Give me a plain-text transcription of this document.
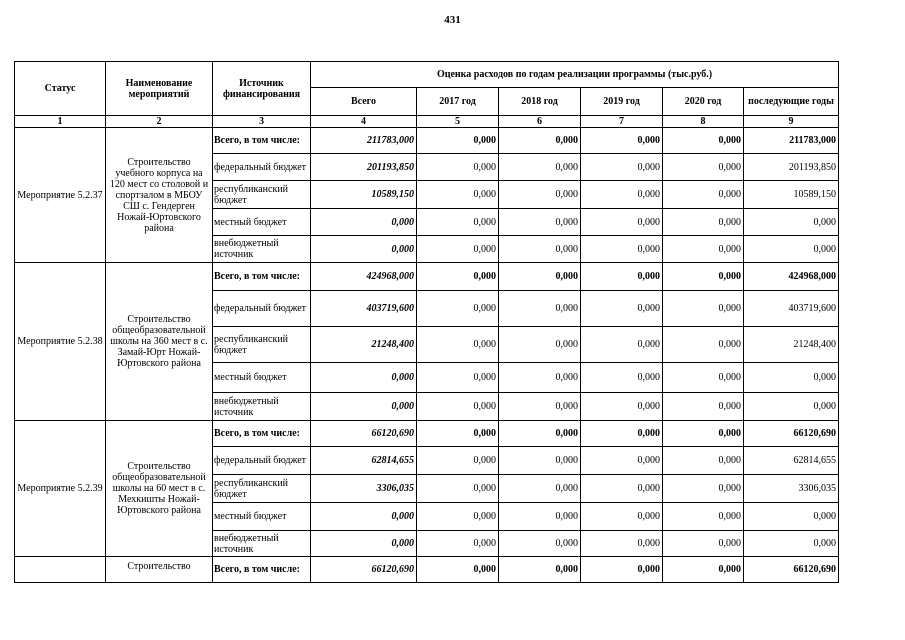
431
Статус	Наименование мероприятий	Источник финансирования	Оценка расходов по годам реализации программы (тыс.руб.)					
			Всего	2017 год	2018 год	2019 год	2020 год	последующие годы
1	2	3	4	5	6	7	8	9
Мероприятие 5.2.37	Строительство учебного корпуса на 120 мест со столовой и спортзалом в МБОУ СШ с. Гендерген Ножай-Юртовского района	Всего, в том числе:	211783,000	0,000	0,000	0,000	0,000	211783,000
		федеральный бюджет	201193,850	0,000	0,000	0,000	0,000	201193,850
		республиканский бюджет	10589,150	0,000	0,000	0,000	0,000	10589,150
		местный бюджет	0,000	0,000	0,000	0,000	0,000	0,000
		внебюджетный источник	0,000	0,000	0,000	0,000	0,000	0,000
Мероприятие 5.2.38	Строительство общеобразовательной школы на 360 мест в с. Замай-Юрт Ножай-Юртовского района	Всего, в том числе:	424968,000	0,000	0,000	0,000	0,000	424968,000
		федеральный бюджет	403719,600	0,000	0,000	0,000	0,000	403719,600
		республиканский бюджет	21248,400	0,000	0,000	0,000	0,000	21248,400
		местный бюджет	0,000	0,000	0,000	0,000	0,000	0,000
		внебюджетный источник	0,000	0,000	0,000	0,000	0,000	0,000
Мероприятие 5.2.39	Строительство общеобразовательной школы на 60 мест в с. Мехкишты Ножай-Юртовского района	Всего, в том числе:	66120,690	0,000	0,000	0,000	0,000	66120,690
		федеральный бюджет	62814,655	0,000	0,000	0,000	0,000	62814,655
		республиканский бюджет	3306,035	0,000	0,000	0,000	0,000	3306,035
		местный бюджет	0,000	0,000	0,000	0,000	0,000	0,000
		внебюджетный источник	0,000	0,000	0,000	0,000	0,000	0,000
	Строительство	Всего, в том числе:	66120,690	0,000	0,000	0,000	0,000	66120,690
